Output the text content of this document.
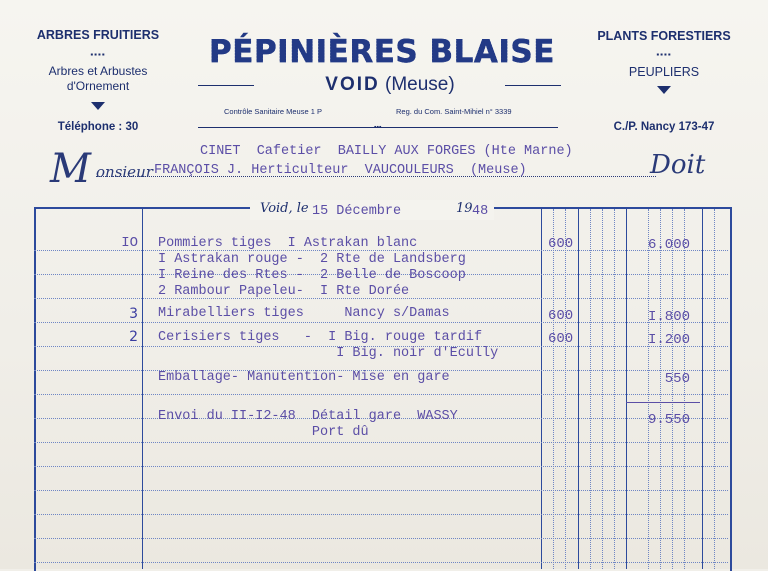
ARBRES FRUITIERS
▪▪▪▪
Arbres et Arbustes
d'Ornement
Téléphone : 30
PÉPINIÈRES BLAISE
VOID (Meuse)
Contrôle Sanitaire Meuse 1 P	Reg. du Com. Saint-Mihiel n° 3339
▪▪▪
PLANTS FORESTIERS
▪▪▪▪
PEUPLIERS
C./P. Nancy 173-47
M onsieur	Doit
CINET  Cafetier  BAILLY AUX FORGES (Hte Marne)
FRANÇOIS J. Herticulteur  VAUCOULEURS  (Meuse)
Void, le 15 Décembre	19 48
IO Pommiers tiges  I Astrakan blanc	600	6.000
I Astrakan rouge -  2 Rte de Landsberg
I Reine des Rtes -  2 Belle de Boscoop
2 Rambour Papeleu-  I Rte Dorée
3 Mirabelliers tiges     Nancy s/Damas	600	I.800
2 Cerisiers tiges   -  I Big. rouge tardif	600	I.200
I Big. noir d'Ecully
Emballage- Manutention- Mise en gare	550
Envoi du II-I2-48  Détail gare  WASSY	9.550
Port dû
